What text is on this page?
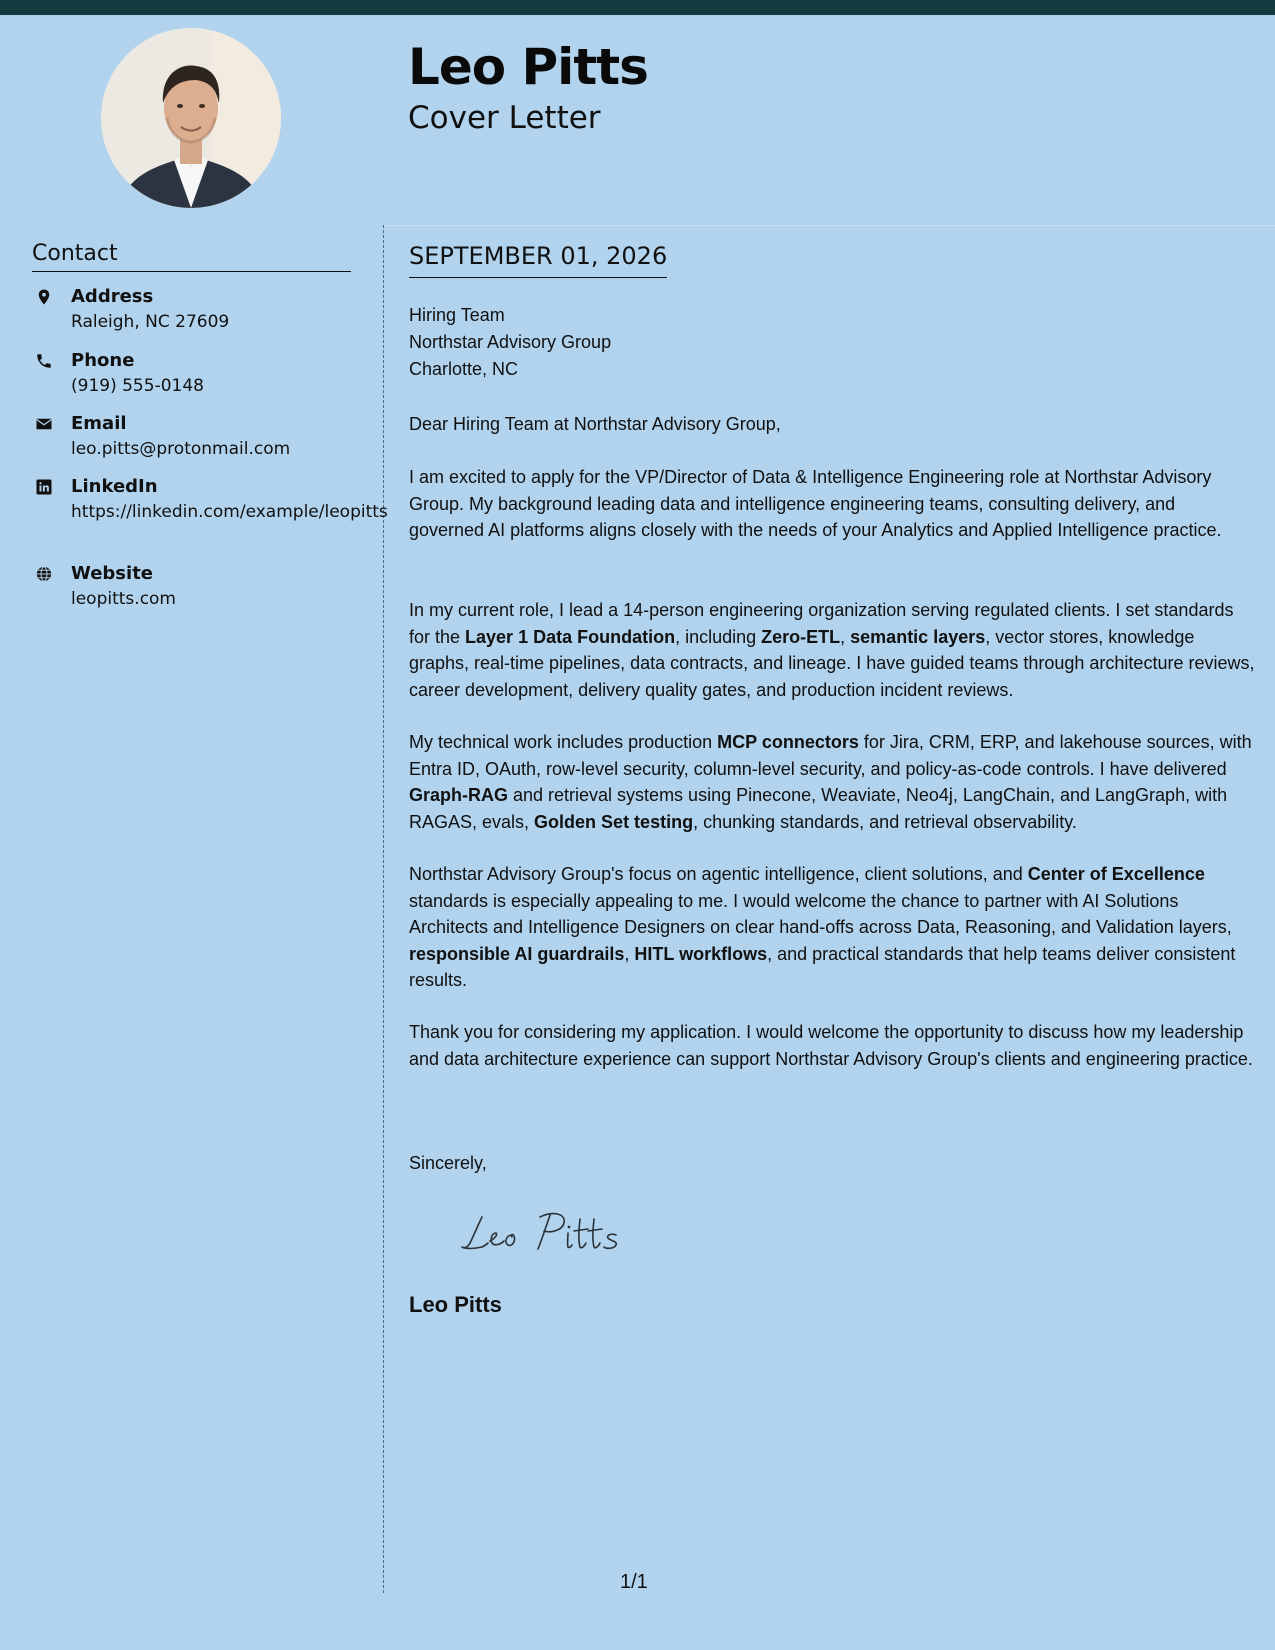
Leo Pitts
Cover Letter
Contact
Address
Raleigh, NC 27609
Phone
(919) 555-0148
Email
leo.pitts@protonmail.com
LinkedIn
https://linkedin.com/example/leopitts
Website
leopitts.com
SEPTEMBER 01, 2026
Hiring Team
Northstar Advisory Group
Charlotte, NC
Dear Hiring Team at Northstar Advisory Group,
I am excited to apply for the VP/Director of Data & Intelligence Engineering role at Northstar Advisory Group. My background leading data and intelligence engineering teams, consulting delivery, and governed AI platforms aligns closely with the needs of your Analytics and Applied Intelligence practice.
In my current role, I lead a 14-person engineering organization serving regulated clients. I set standards for the Layer 1 Data Foundation, including Zero-ETL, semantic layers, vector stores, knowledge graphs, real-time pipelines, data contracts, and lineage. I have guided teams through architecture reviews, career development, delivery quality gates, and production incident reviews.
My technical work includes production MCP connectors for Jira, CRM, ERP, and lakehouse sources, with Entra ID, OAuth, row-level security, column-level security, and policy-as-code controls. I have delivered Graph-RAG and retrieval systems using Pinecone, Weaviate, Neo4j, LangChain, and LangGraph, with RAGAS, evals, Golden Set testing, chunking standards, and retrieval observability.
Northstar Advisory Group's focus on agentic intelligence, client solutions, and Center of Excellence standards is especially appealing to me. I would welcome the chance to partner with AI Solutions Architects and Intelligence Designers on clear hand-offs across Data, Reasoning, and Validation layers, responsible AI guardrails, HITL workflows, and practical standards that help teams deliver consistent results.
Thank you for considering my application. I would welcome the opportunity to discuss how my leadership and data architecture experience can support Northstar Advisory Group's clients and engineering practice.
Sincerely,
Leo Pitts
1/1
